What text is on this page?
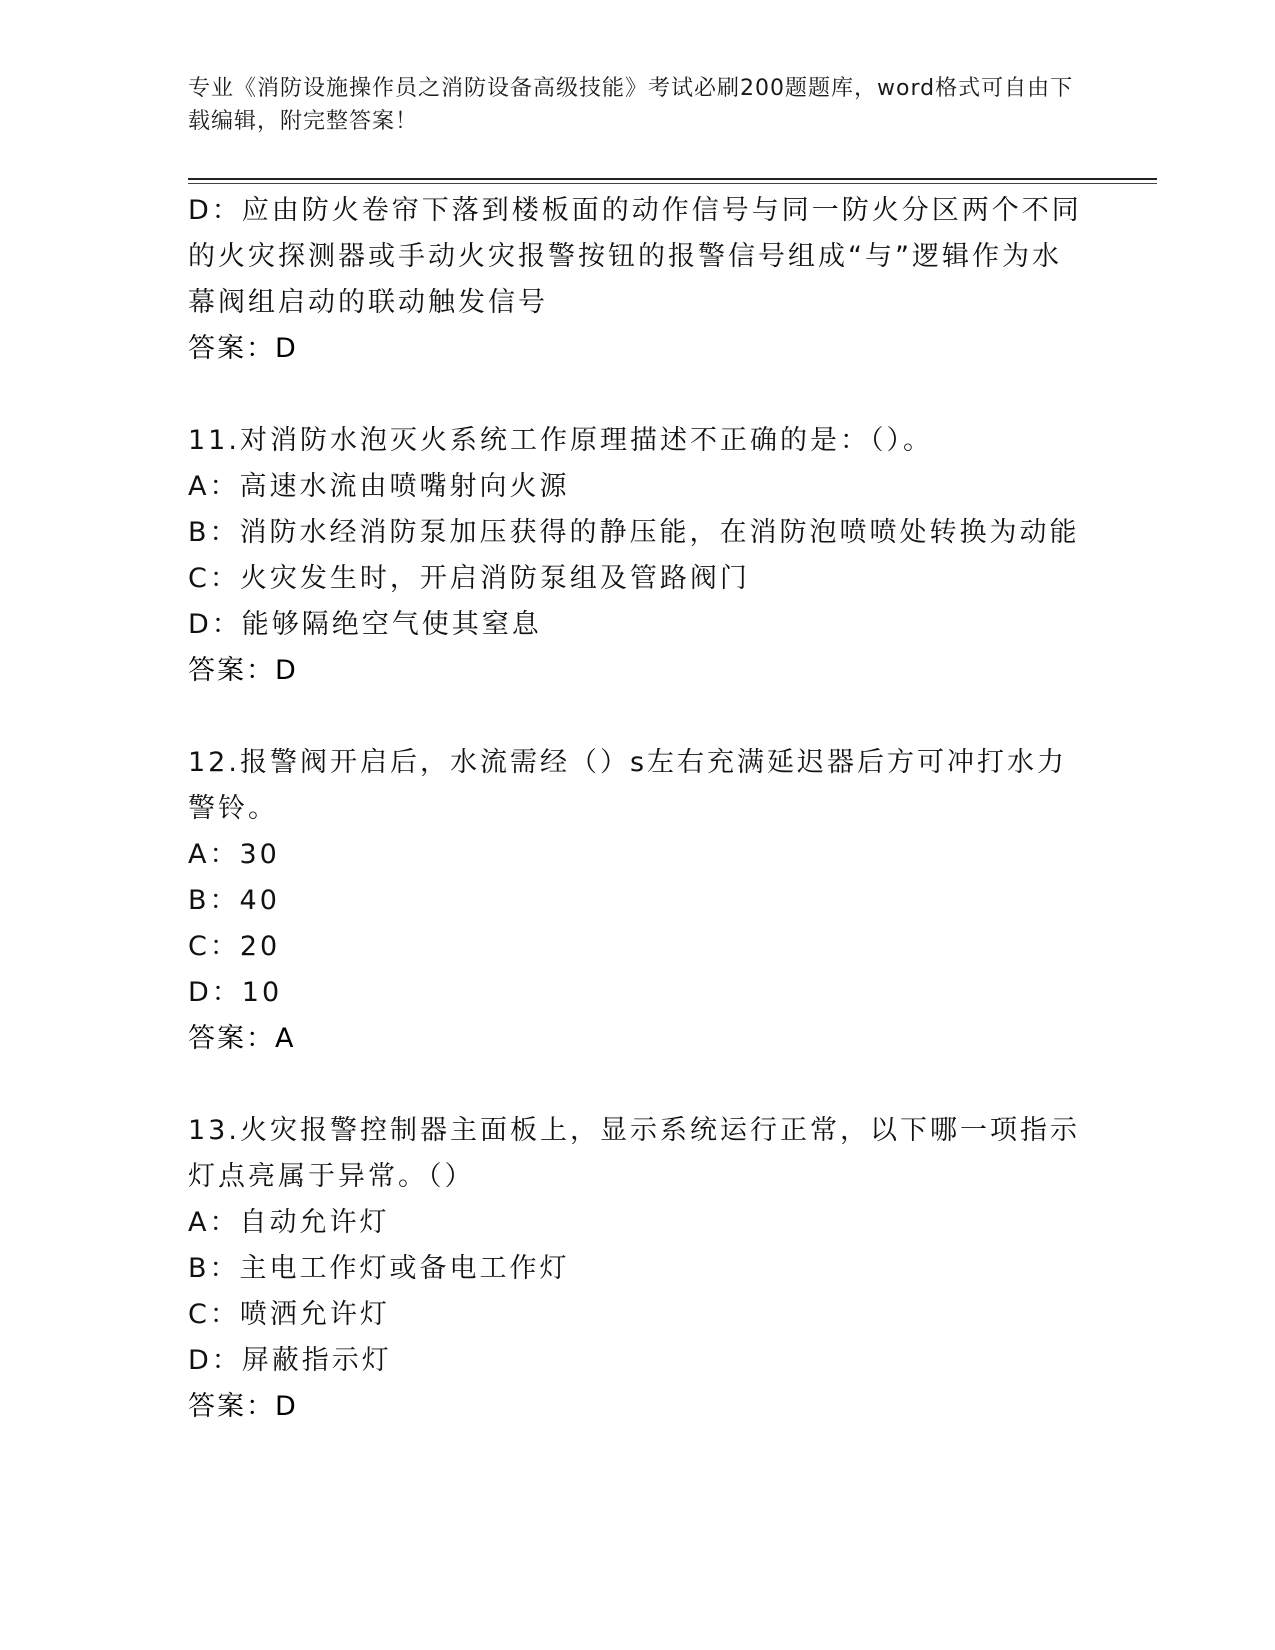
专业《消防设施操作员之消防设备高级技能》考试必刷200题题库，word格式可自由下载编辑，附完整答案！
D：应由防火卷帘下落到楼板面的动作信号与同一防火分区两个不同的火灾探测器或手动火灾报警按钮的报警信号组成“与”逻辑作为水幕阀组启动的联动触发信号
答案：D
11.对消防水泡灭火系统工作原理描述不正确的是：（）。
A：高速水流由喷嘴射向火源
B：消防水经消防泵加压获得的静压能，在消防泡喷喷处转换为动能
C：火灾发生时，开启消防泵组及管路阀门
D：能够隔绝空气使其窒息
答案：D
12.报警阀开启后，水流需经（）s左右充满延迟器后方可冲打水力警铃。
A：30
B：40
C：20
D：10
答案：A
13.火灾报警控制器主面板上，显示系统运行正常，以下哪一项指示灯点亮属于异常。（）
A：自动允许灯
B：主电工作灯或备电工作灯
C：喷洒允许灯
D：屏蔽指示灯
答案：D
